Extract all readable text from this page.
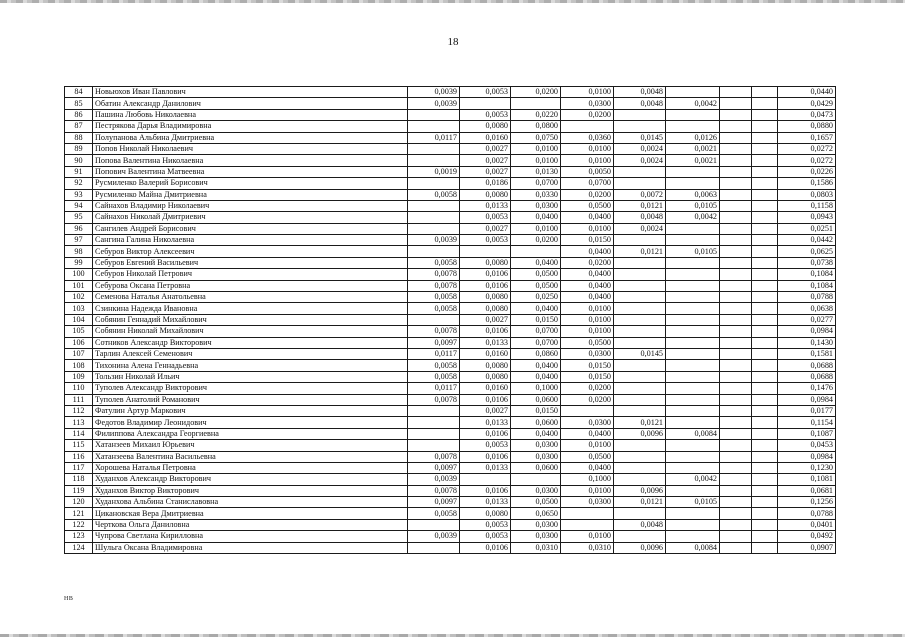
18
84	Новьюхов Иван Павлович	0,0039	0,0053	0,0200	0,0100	0,0048				0,0440
85	Обатин Александр Данилович	0,0039			0,0300	0,0048	0,0042			0,0429
86	Пашина Любовь Николаевна		0,0053	0,0220	0,0200					0,0473
87	Пестрякова Дарья Владимировна		0,0080	0,0800						0,0880
88	Полупанова Альбина Дмитриевна	0,0117	0,0160	0,0750	0,0360	0,0145	0,0126			0,1657
89	Попов Николай Николаевич		0,0027	0,0100	0,0100	0,0024	0,0021			0,0272
90	Попова Валентина Николаевна		0,0027	0,0100	0,0100	0,0024	0,0021			0,0272
91	Попович Валентина Матвеевна	0,0019	0,0027	0,0130	0,0050					0,0226
92	Русмиленко Валерий Борисович		0,0186	0,0700	0,0700					0,1586
93	Русмиленко Майна Дмитриевна	0,0058	0,0080	0,0330	0,0200	0,0072	0,0063			0,0803
94	Сайнахов Владимир Николаевич		0,0133	0,0300	0,0500	0,0121	0,0105			0,1158
95	Сайнахов Николай Дмитриевич		0,0053	0,0400	0,0400	0,0048	0,0042			0,0943
96	Сангилев Андрей Борисович		0,0027	0,0100	0,0100	0,0024				0,0251
97	Сангина Галина Николаевна	0,0039	0,0053	0,0200	0,0150					0,0442
98	Себуров Виктор Алексеевич				0,0400	0,0121	0,0105			0,0625
99	Себуров Евгений Васильевич	0,0058	0,0080	0,0400	0,0200					0,0738
100	Себуров Николай Петрович	0,0078	0,0106	0,0500	0,0400					0,1084
101	Себурова Оксана Петровна	0,0078	0,0106	0,0500	0,0400					0,1084
102	Семенова Наталья Анатольевна	0,0058	0,0080	0,0250	0,0400					0,0788
103	Сзинкина Надежда Ивановна	0,0058	0,0080	0,0400	0,0100					0,0638
104	Собянин Геннадий Михайлович		0,0027	0,0150	0,0100					0,0277
105	Собянин Николай Михайлович	0,0078	0,0106	0,0700	0,0100					0,0984
106	Сотников Александр Викторович	0,0097	0,0133	0,0700	0,0500					0,1430
107	Тарлин Алексей Семенович	0,0117	0,0160	0,0860	0,0300	0,0145				0,1581
108	Тихонина Алена Геннадьевна	0,0058	0,0080	0,0400	0,0150					0,0688
109	Тользин Николай Ильич	0,0058	0,0080	0,0400	0,0150					0,0688
110	Туполев Александр Викторович	0,0117	0,0160	0,1000	0,0200					0,1476
111	Туполев Анатолий Романович	0,0078	0,0106	0,0600	0,0200					0,0984
112	Фатулин Артур Маркович		0,0027	0,0150						0,0177
113	Федотов Владимир Леонидович		0,0133	0,0600	0,0300	0,0121				0,1154
114	Филиппова Александра Георгиевна		0,0106	0,0400	0,0400	0,0096	0,0084			0,1087
115	Хатанзеев Михаил Юрьевич		0,0053	0,0300	0,0100					0,0453
116	Хатанзеева Валентина Васильевна	0,0078	0,0106	0,0300	0,0500					0,0984
117	Хорошева Наталья Петровна	0,0097	0,0133	0,0600	0,0400					0,1230
118	Худанхов Александр Викторович	0,0039			0,1000		0,0042			0,1081
119	Худанхов Виктор Викторович	0,0078	0,0106	0,0300	0,0100	0,0096				0,0681
120	Худанхова Альбина Станиславовна	0,0097	0,0133	0,0500	0,0300	0,0121	0,0105			0,1256
121	Цикановская Вера Дмитриевна	0,0058	0,0080	0,0650						0,0788
122	Черткова Ольга Даниловна		0,0053	0,0300		0,0048				0,0401
123	Чупрова Светлана Кирилловна	0,0039	0,0053	0,0300	0,0100					0,0492
124	Шульга Оксана Владимировна		0,0106	0,0310	0,0310	0,0096	0,0084			0,0907
HB
